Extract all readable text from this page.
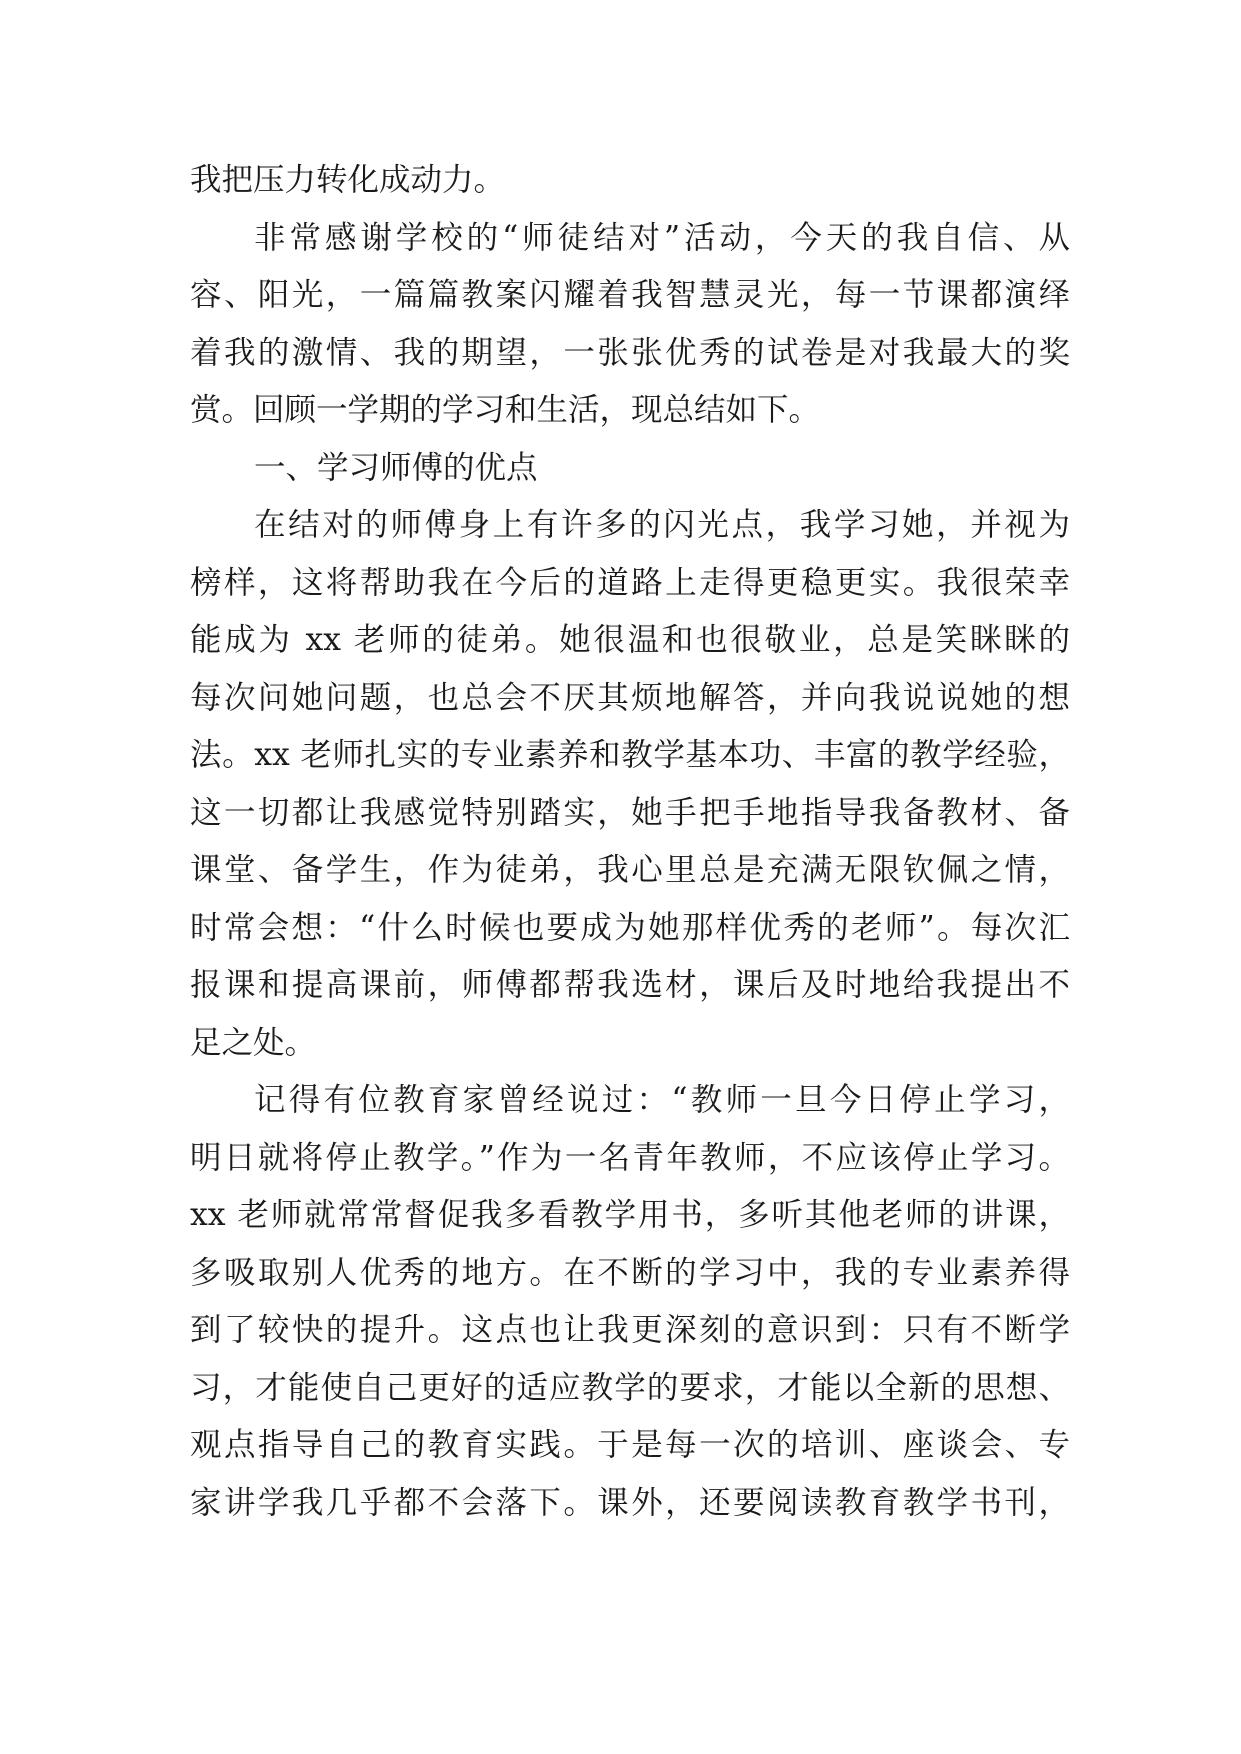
我把压力转化成动力。
非常感谢学校的“师徒结对”活动，今天的我自信、从
容、阳光，一篇篇教案闪耀着我智慧灵光，每一节课都演绎
着我的激情、我的期望，一张张优秀的试卷是对我最大的奖
赏。回顾一学期的学习和生活，现总结如下。
一、学习师傅的优点
在结对的师傅身上有许多的闪光点，我学习她，并视为
榜样，这将帮助我在今后的道路上走得更稳更实。我很荣幸
能成为 xx 老师的徒弟。她很温和也很敬业，总是笑眯眯的
每次问她问题，也总会不厌其烦地解答，并向我说说她的想
法。xx 老师扎实的专业素养和教学基本功、丰富的教学经验，
这一切都让我感觉特别踏实，她手把手地指导我备教材、备
课堂、备学生，作为徒弟，我心里总是充满无限钦佩之情，
时常会想：“什么时候也要成为她那样优秀的老师”。每次汇
报课和提高课前，师傅都帮我选材，课后及时地给我提出不
足之处。
记得有位教育家曾经说过：“教师一旦今日停止学习，
明日就将停止教学。”作为一名青年教师，不应该停止学习。
xx 老师就常常督促我多看教学用书，多听其他老师的讲课，
多吸取别人优秀的地方。在不断的学习中，我的专业素养得
到了较快的提升。这点也让我更深刻的意识到：只有不断学
习，才能使自己更好的适应教学的要求，才能以全新的思想、
观点指导自己的教育实践。于是每一次的培训、座谈会、专
家讲学我几乎都不会落下。课外，还要阅读教育教学书刊，
